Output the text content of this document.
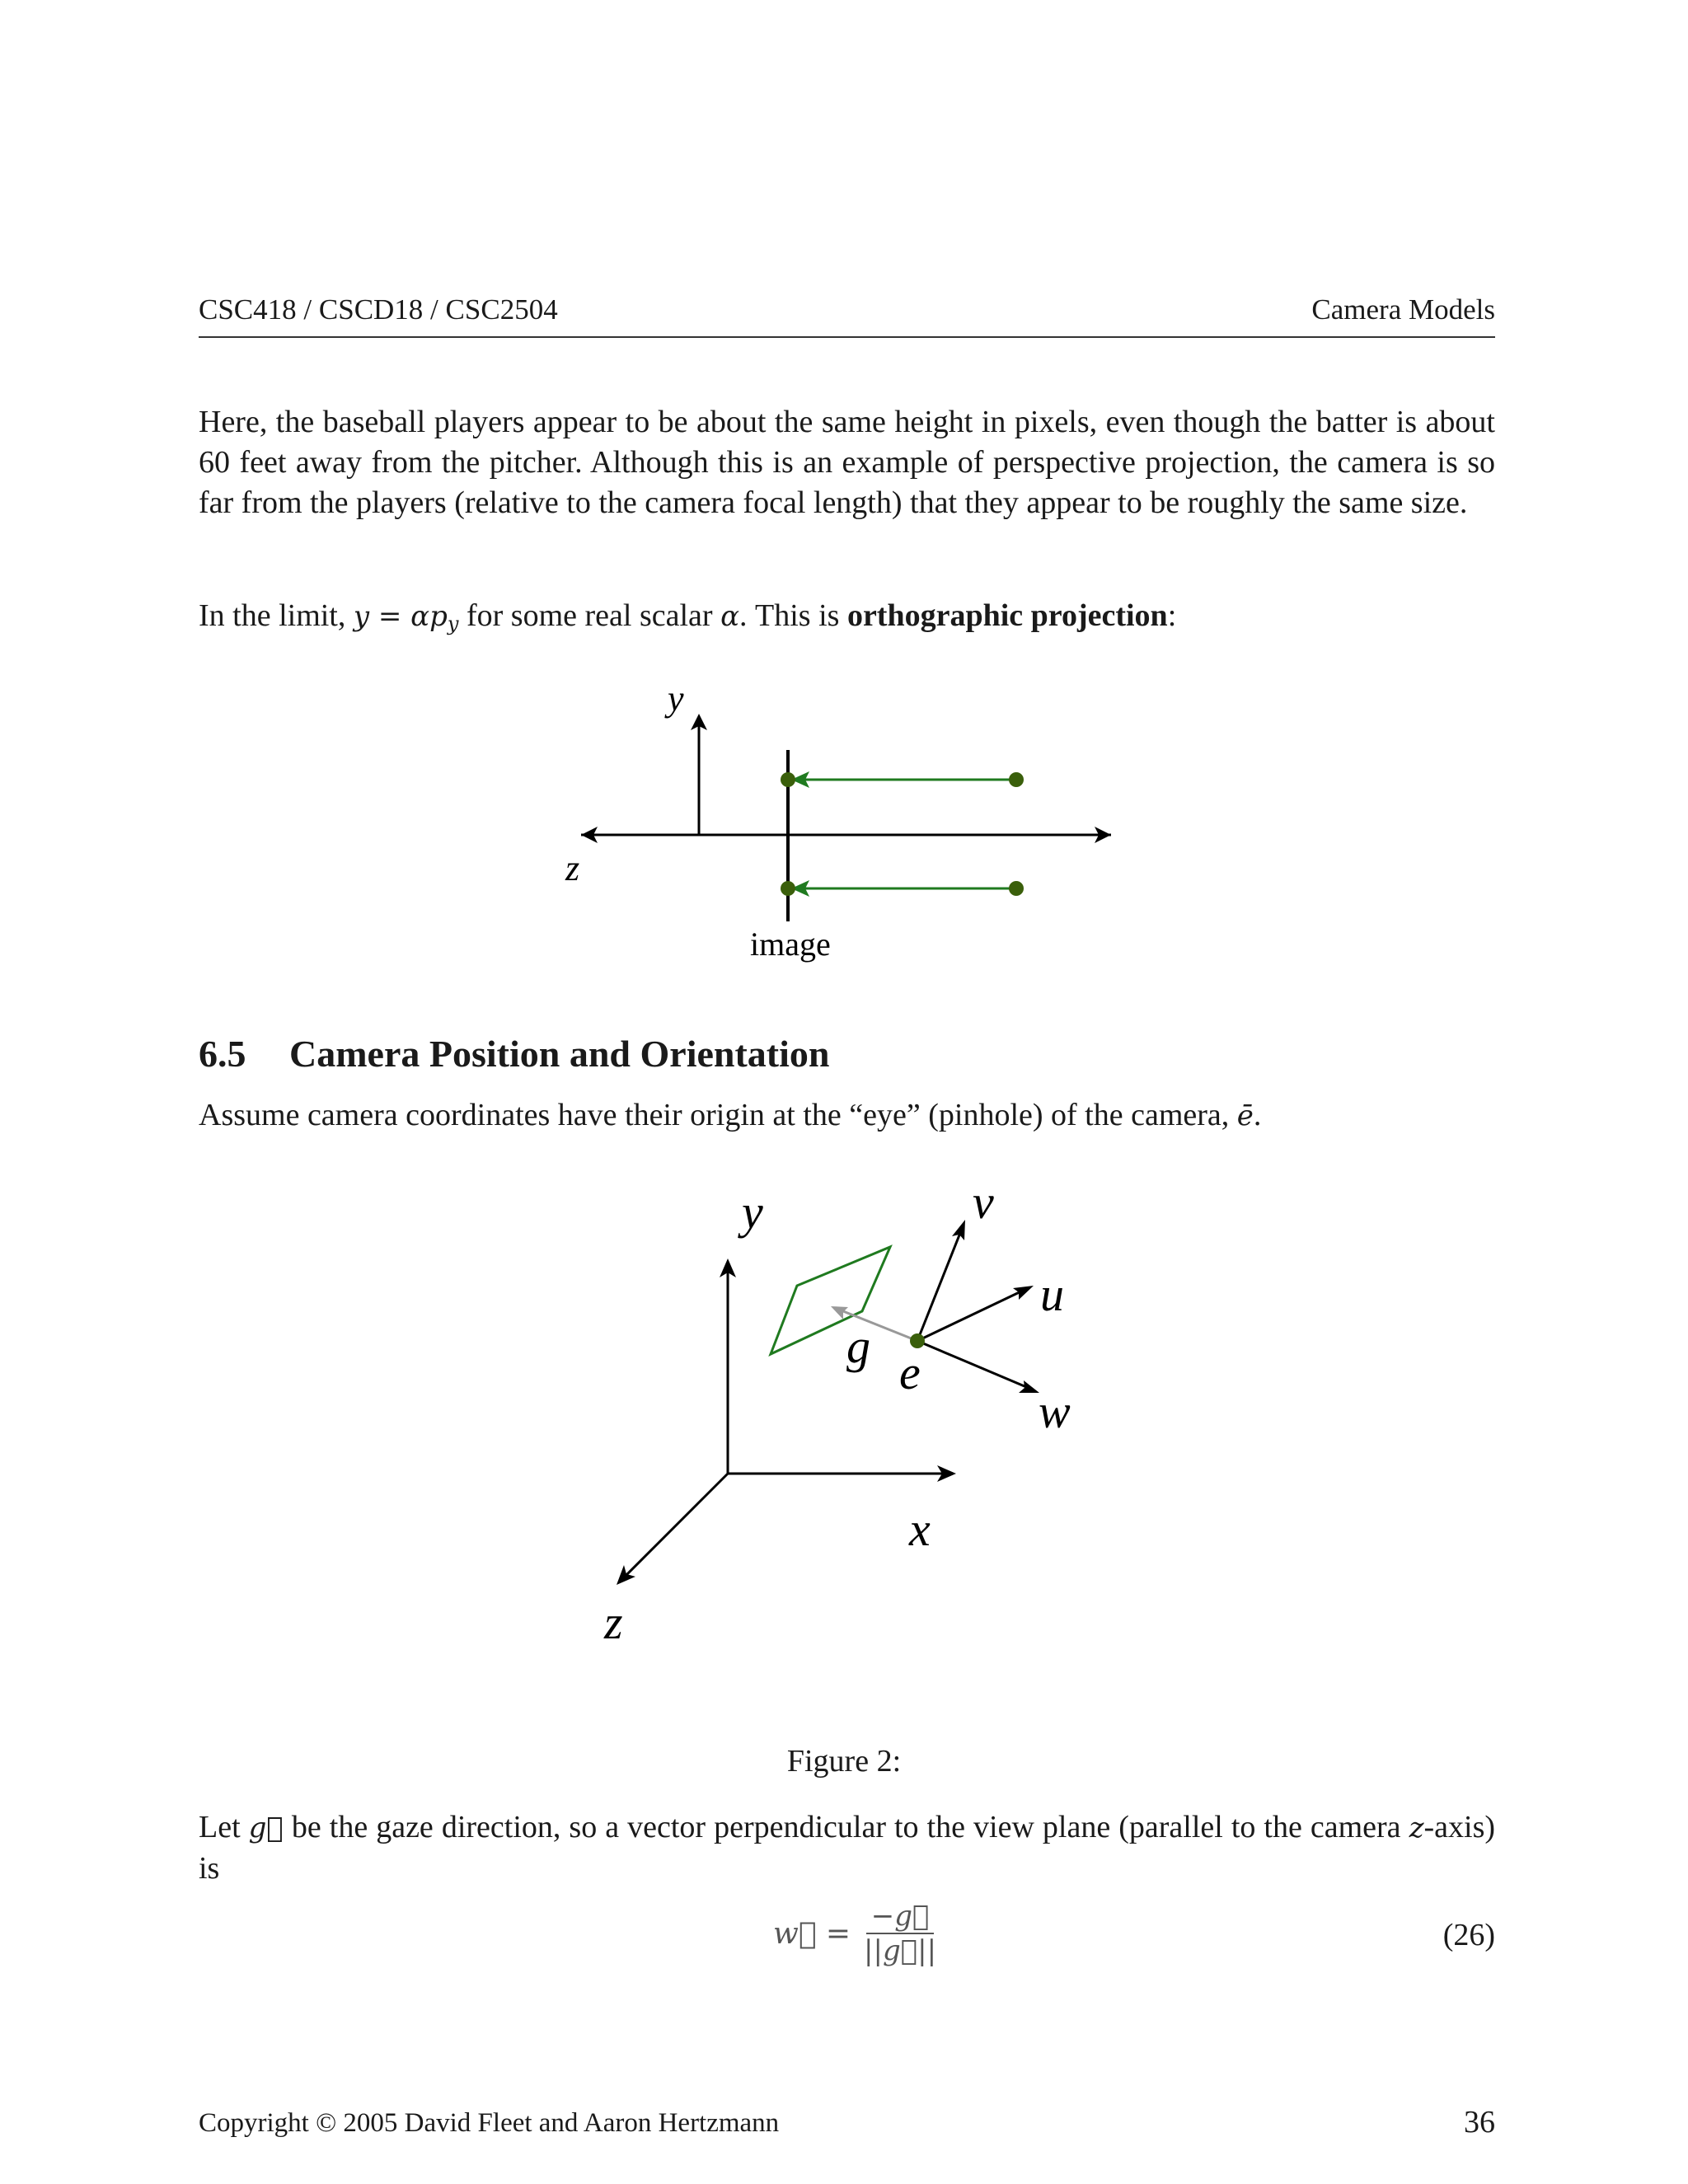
CSC418 / CSCD18 / CSC2504	Camera Models

Here, the baseball players appear to be about the same height in pixels, even though the batter is about 60 feet away from the pitcher. Although this is an example of perspective projection, the camera is so far from the players (relative to the camera focal length) that they appear to be roughly the same size.

In the limit, $y = \alpha p_y$ for some real scalar α. This is orthographic projection:

y
z
image
6.5 Camera Position and Orientation

Assume camera coordinates have their origin at the “eye” (pinhole) of the camera, ē.

y
x
z
v
u
w
g e
Figure 2:

Let g⃗ be the gaze direction, so a vector perpendicular to the view plane (parallel to the camera z-axis) is

w⃗ = $\frac{-g⃗}{||g⃗||}$	(26)
Copyright © 2005 David Fleet and Aaron Hertzmann	36
